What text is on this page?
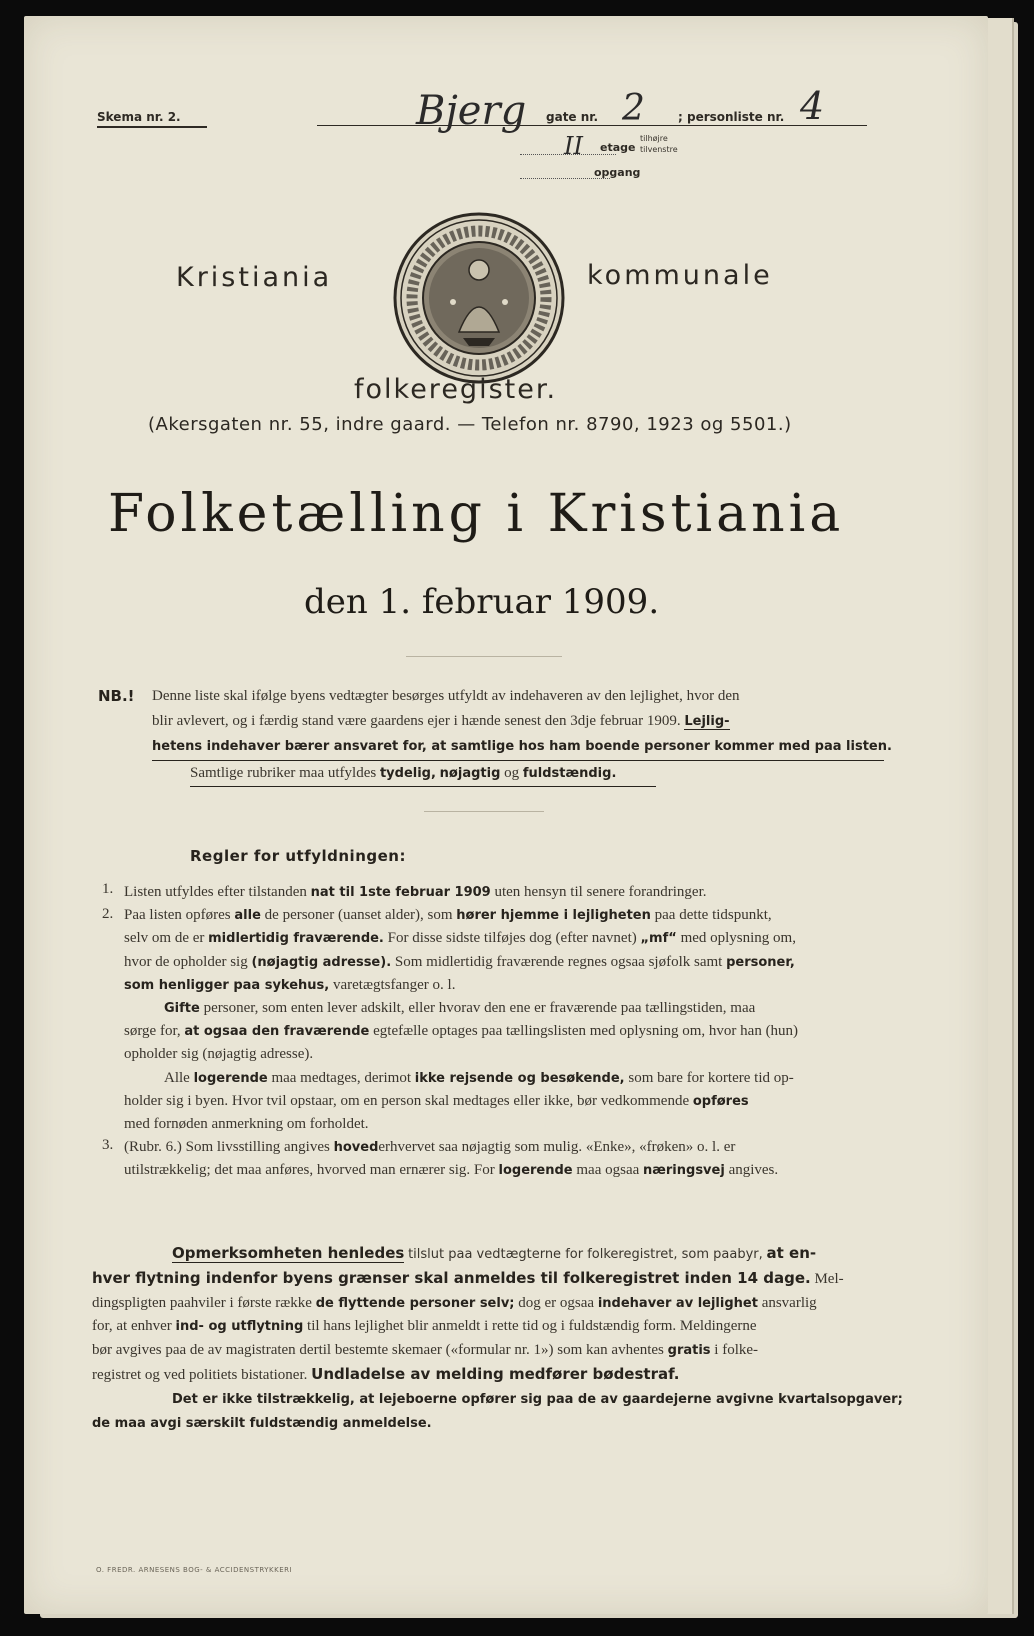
Skema nr. 2.	Bjerg gate nr. 2	; personliste nr. 4
II etage
tilhøjre
tilvenstre
opgang
Kristiania	kommunale
folkeregister.
(Akersgaten nr. 55, indre gaard. — Telefon nr. 8790, 1923 og 5501.)
Folketælling i Kristiania
den 1. februar 1909.
NB.! Denne liste skal ifølge byens vedtægter besørges utfyldt av indehaveren av den lejlighet, hvor den
blir avlevert, og i færdig stand være gaardens ejer i hænde senest den 3dje februar 1909. Lejlig-
hetens indehaver bærer ansvaret for, at samtlige hos ham boende personer kommer med paa listen.
Samtlige rubriker maa utfyldes tydelig, nøjagtig og fuldstændig.
Regler for utfyldningen:
1.
2.
3.
Listen utfyldes efter tilstanden nat til 1ste februar 1909 uten hensyn til senere forandringer.
Paa listen opføres alle de personer (uanset alder), som hører hjemme i lejligheten paa dette tidspunkt,
selv om de er midlertidig fraværende. For disse sidste tilføjes dog (efter navnet) „mf“ med oplysning om,
hvor de opholder sig (nøjagtig adresse). Som midlertidig fraværende regnes ogsaa sjøfolk samt personer,
som henligger paa sykehus, varetægtsfanger o. l.
Gifte personer, som enten lever adskilt, eller hvorav den ene er fraværende paa tællingstiden, maa
sørge for, at ogsaa den fraværende egtefælle optages paa tællingslisten med oplysning om, hvor han (hun)
opholder sig (nøjagtig adresse).
Alle logerende maa medtages, derimot ikke rejsende og besøkende, som bare for kortere tid op-
holder sig i byen. Hvor tvil opstaar, om en person skal medtages eller ikke, bør vedkommende opføres
med fornøden anmerkning om forholdet.
(Rubr. 6.) Som livsstilling angives hovederhvervet saa nøjagtig som mulig. «Enke», «frøken» o. l. er
utilstrækkelig; det maa anføres, hvorved man ernærer sig. For logerende maa ogsaa næringsvej angives.
Opmerksomheten henledes tilslut paa vedtægterne for folkeregistret, som paabyr, at en-
hver flytning indenfor byens grænser skal anmeldes til folkeregistret inden 14 dage. Mel-
dingspligten paahviler i første række de flyttende personer selv; dog er ogsaa indehaver av lejlighet ansvarlig
for, at enhver ind- og utflytning til hans lejlighet blir anmeldt i rette tid og i fuldstændig form. Meldingerne
bør avgives paa de av magistraten dertil bestemte skemaer («formular nr. 1») som kan avhentes gratis i folke-
registret og ved politiets bistationer. Undladelse av melding medfører bødestraf.
Det er ikke tilstrækkelig, at lejeboerne opfører sig paa de av gaardejerne avgivne kvartalsopgaver;
de maa avgi særskilt fuldstændig anmeldelse.
O. FREDR. ARNESENS BOG- & ACCIDENSTRYKKERI
